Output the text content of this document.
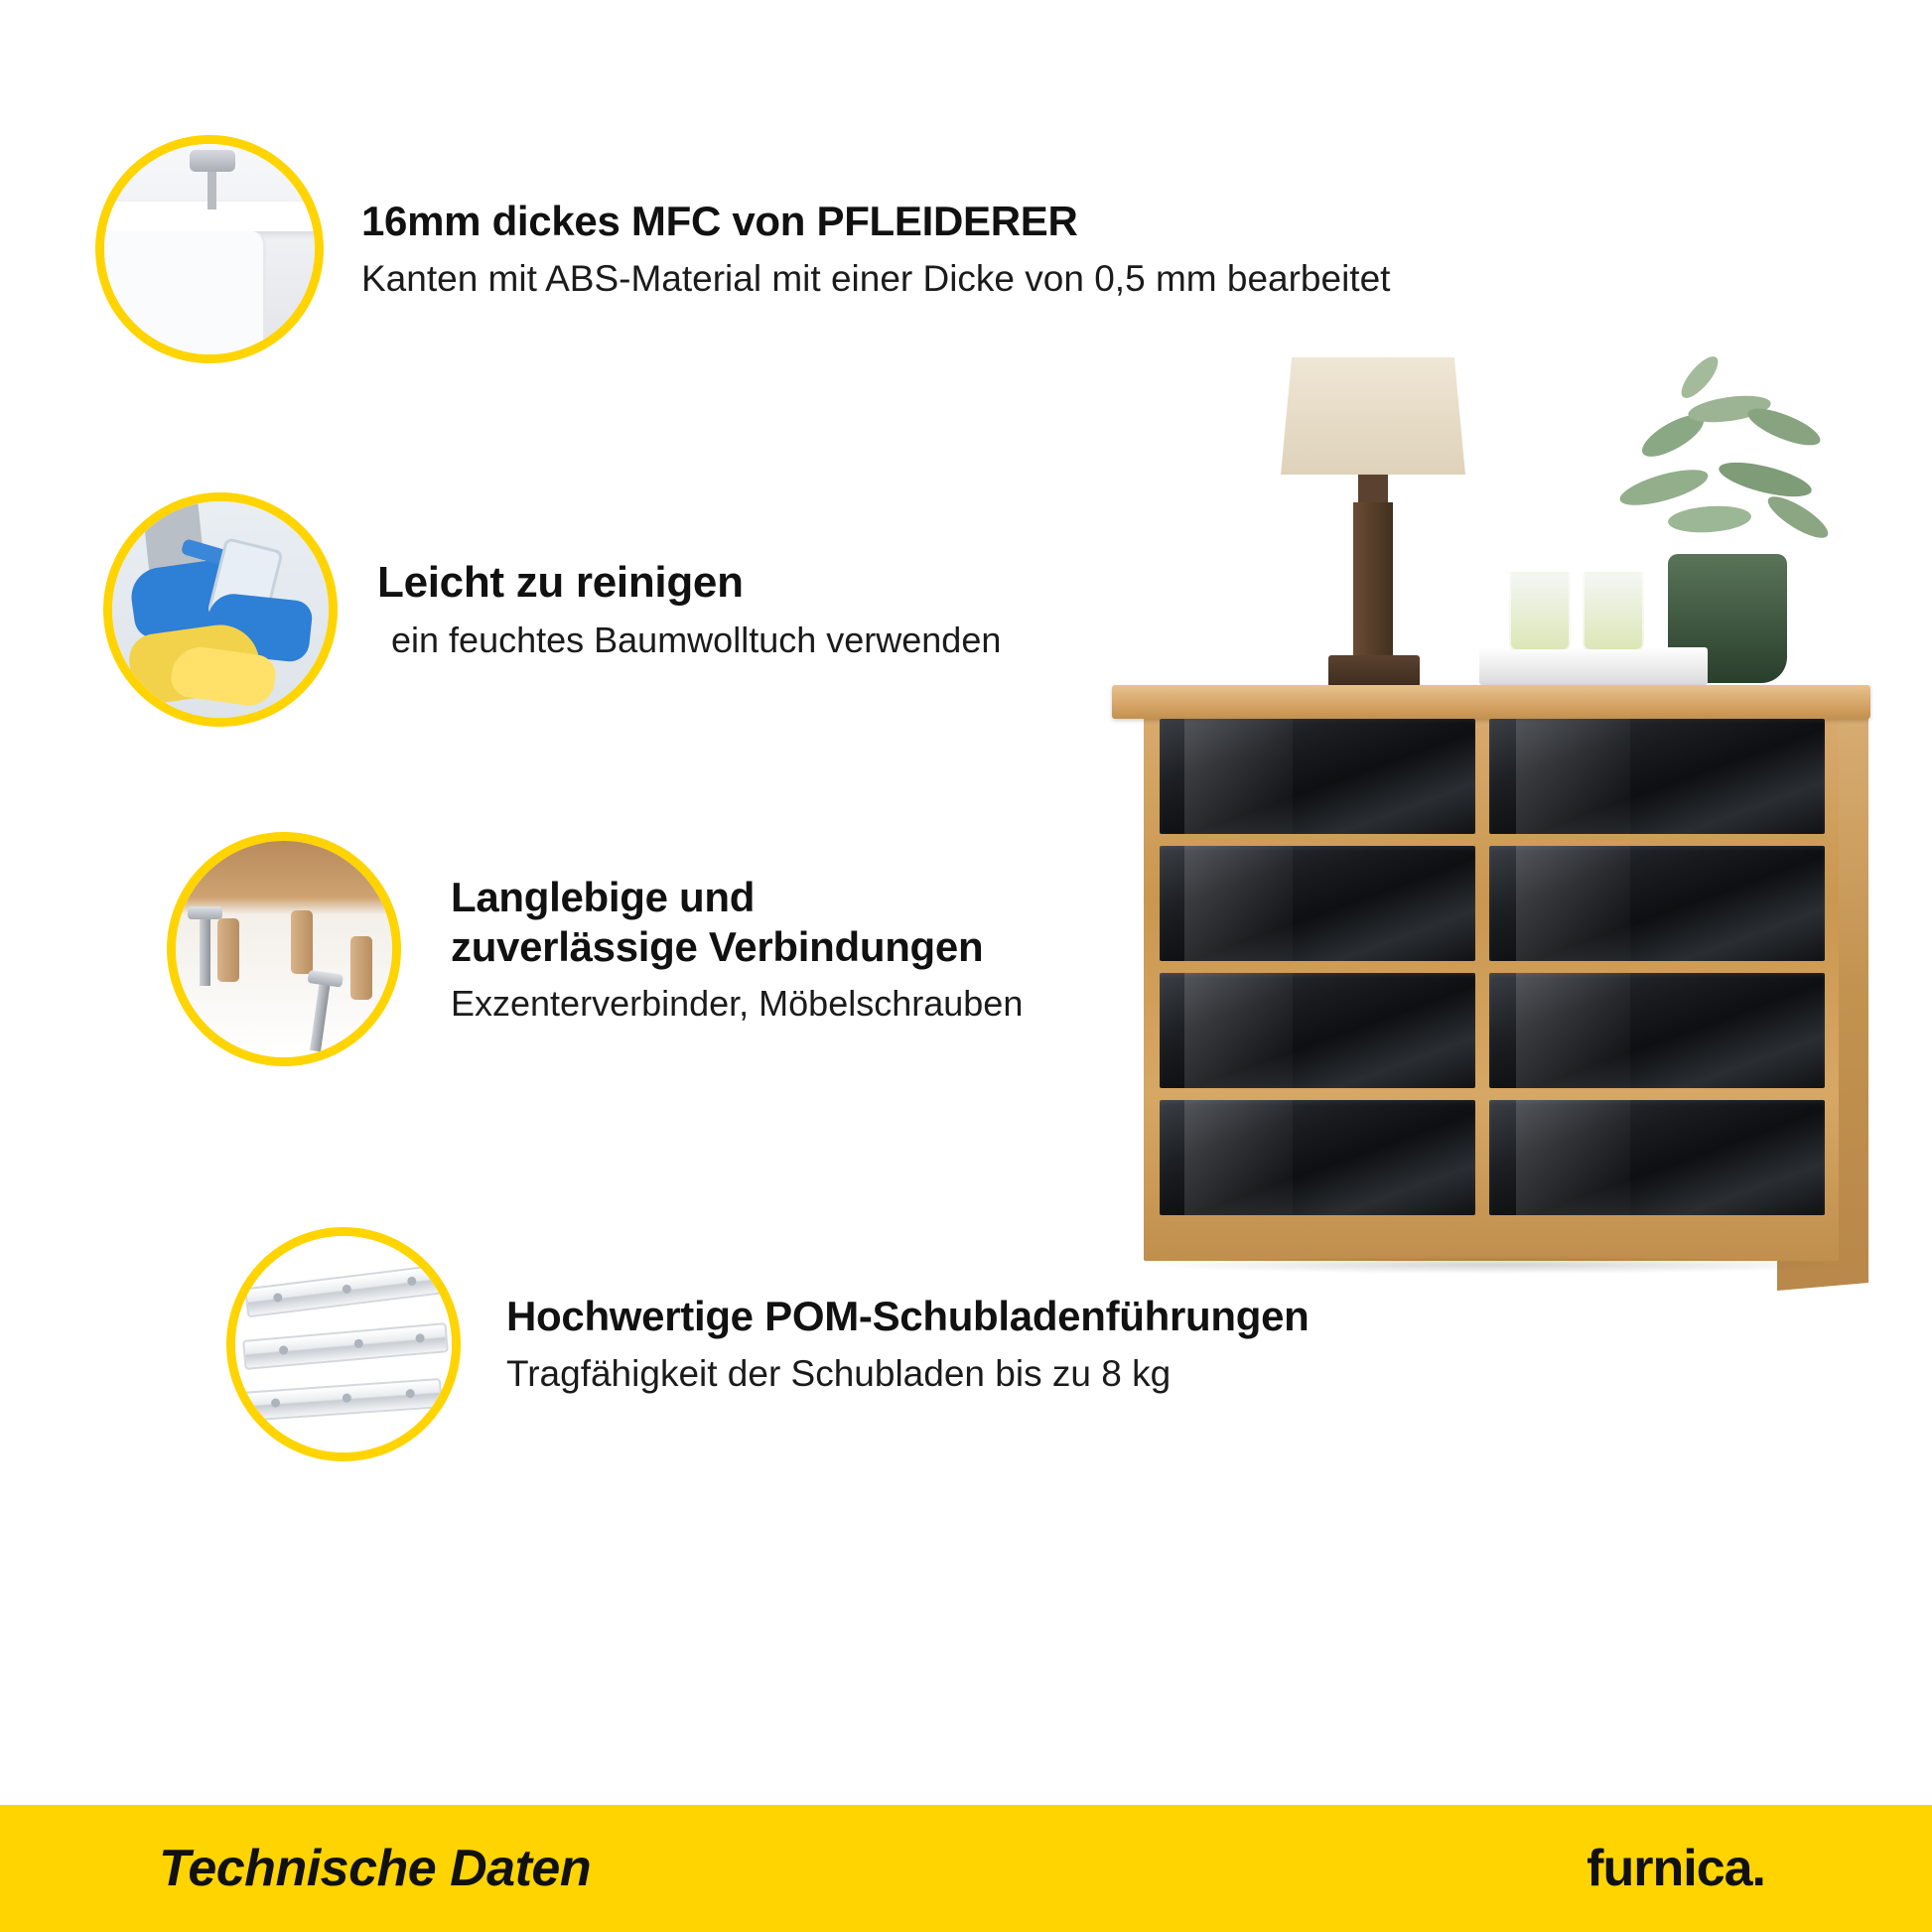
16mm dickes MFC von PFLEIDERER
Kanten mit ABS-Material mit einer Dicke von 0,5 mm bearbeitet
Leicht zu reinigen
ein feuchtes Baumwolltuch verwenden
Langlebige und
zuverlässige Verbindungen
Exzenterverbinder, Möbelschrauben
Hochwertige POM-Schubladenführungen
Tragfähigkeit der Schubladen bis zu 8 kg
Technische Daten	furnica.
